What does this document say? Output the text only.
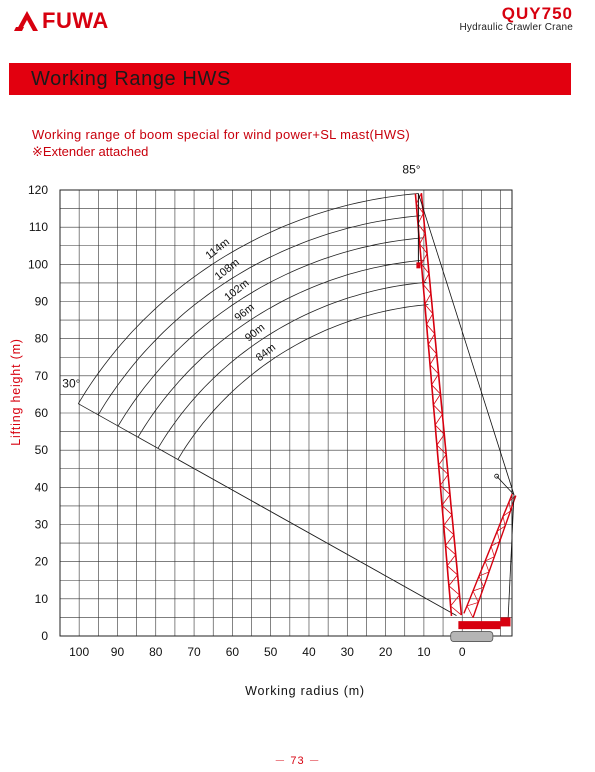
FUWA	QUY750
Hydraulic Crawler Crane
Working Range HWS
Working range of boom special for wind power+SL mast(HWS)
※Extender attached
0
10
20
30
40
50
60
70
80
90
100
110
120
100 90 80 70 60 50 40 30 20 10 0
114m
108m
102m
96m
90m
84m
85°
30°
Lifting height (m)
Working radius (m)
－ 73 －
